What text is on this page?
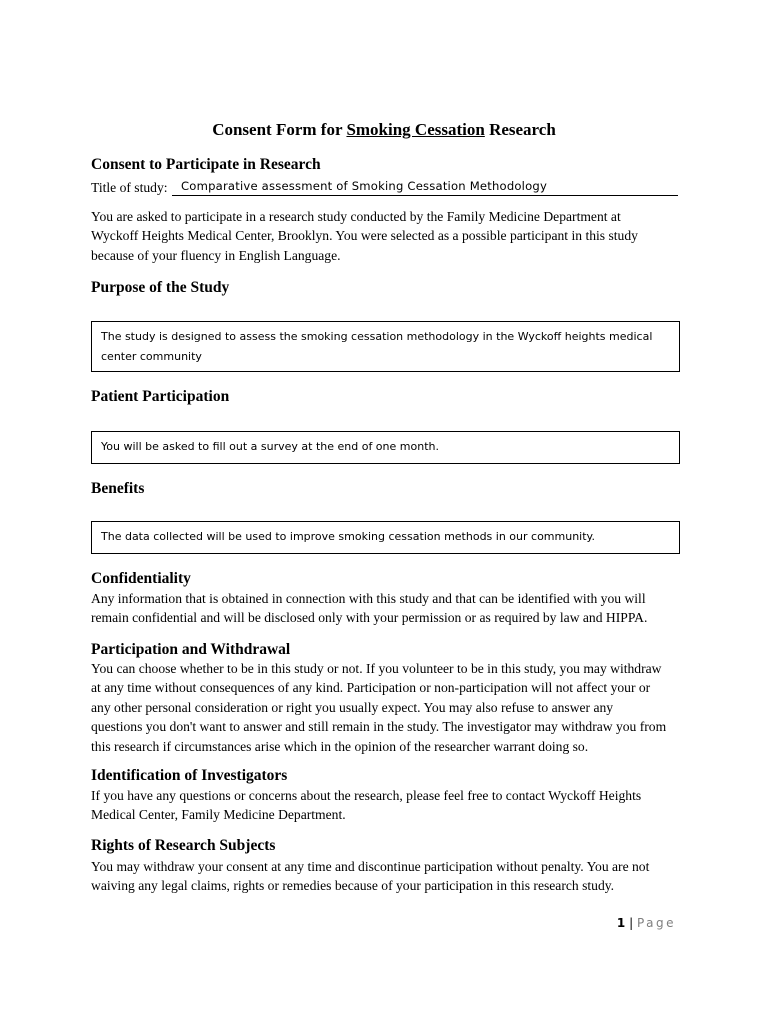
Consent Form for Smoking Cessation Research
Consent to Participate in Research
Title of study:	Comparative assessment of Smoking Cessation Methodology
You are asked to participate in a research study conducted by the Family Medicine Department at
Wyckoff Heights Medical Center, Brooklyn. You were selected as a possible participant in this study
because of your fluency in English Language.
Purpose of the Study
The study is designed to assess the smoking cessation methodology in the Wyckoff heights medical
center community
Patient Participation
You will be asked to fill out a survey at the end of one month.
Benefits
The data collected will be used to improve smoking cessation methods in our community.
Confidentiality
Any information that is obtained in connection with this study and that can be identified with you will
remain confidential and will be disclosed only with your permission or as required by law and HIPPA.
Participation and Withdrawal
You can choose whether to be in this study or not. If you volunteer to be in this study, you may withdraw
at any time without consequences of any kind. Participation or non-participation will not affect your or
any other personal consideration or right you usually expect. You may also refuse to answer any
questions you don't want to answer and still remain in the study. The investigator may withdraw you from
this research if circumstances arise which in the opinion of the researcher warrant doing so.
Identification of Investigators
If you have any questions or concerns about the research, please feel free to contact Wyckoff Heights
Medical Center, Family Medicine Department.
Rights of Research Subjects
You may withdraw your consent at any time and discontinue participation without penalty. You are not
waiving any legal claims, rights or remedies because of your participation in this research study.
1 | Page
